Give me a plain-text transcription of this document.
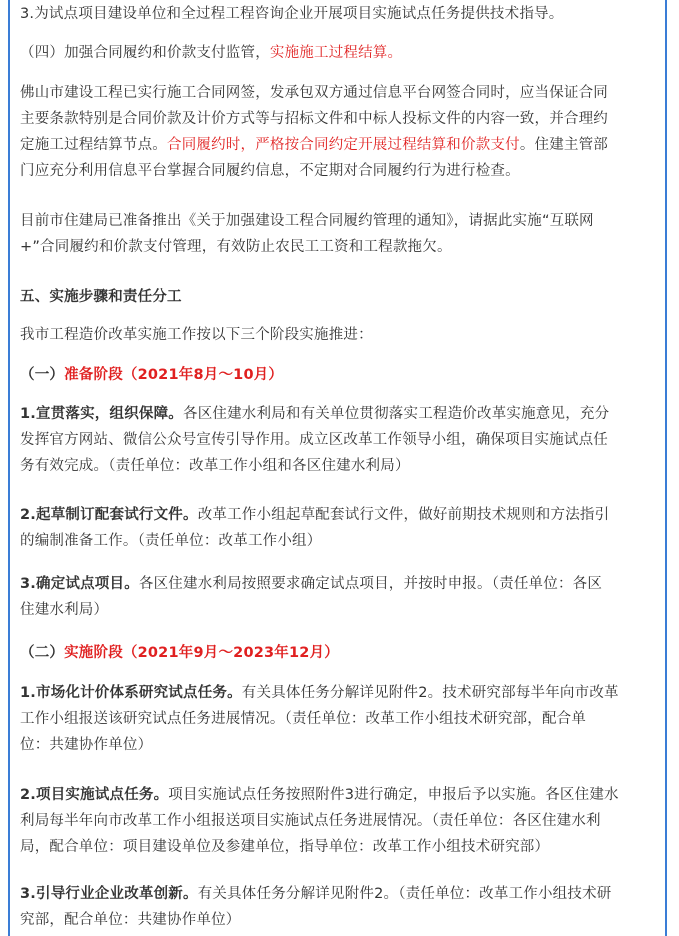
3.为试点项目建设单位和全过程工程咨询企业开展项目实施试点任务提供技术指导。

（四）加强合同履约和价款支付监管，实施施工过程结算。

佛山市建设工程已实行施工合同网签，发承包双方通过信息平台网签合同时，应当保证合同

主要条款特别是合同价款及计价方式等与招标文件和中标人投标文件的内容一致，并合理约

定施工过程结算节点。合同履约时，严格按合同约定开展过程结算和价款支付。住建主管部

门应充分利用信息平台掌握合同履约信息，不定期对合同履约行为进行检查。

目前市住建局已准备推出《关于加强建设工程合同履约管理的通知》，请据此实施“互联网

+”合同履约和价款支付管理，有效防止农民工工资和工程款拖欠。

五、实施步骤和责任分工

我市工程造价改革实施工作按以下三个阶段实施推进：

（一）准备阶段（2021年8月～10月）

1.宣贯落实，组织保障。各区住建水利局和有关单位贯彻落实工程造价改革实施意见，充分

发挥官方网站、微信公众号宣传引导作用。成立区改革工作领导小组，确保项目实施试点任

务有效完成。（责任单位：改革工作小组和各区住建水利局）

2.起草制订配套试行文件。改革工作小组起草配套试行文件，做好前期技术规则和方法指引

的编制准备工作。（责任单位：改革工作小组）

3.确定试点项目。各区住建水利局按照要求确定试点项目，并按时申报。（责任单位：各区

住建水利局）

（二）实施阶段（2021年9月～2023年12月）

1.市场化计价体系研究试点任务。有关具体任务分解详见附件2。技术研究部每半年向市改革

工作小组报送该研究试点任务进展情况。（责任单位：改革工作小组技术研究部，配合单

位：共建协作单位）

2.项目实施试点任务。项目实施试点任务按照附件3进行确定，申报后予以实施。各区住建水

利局每半年向市改革工作小组报送项目实施试点任务进展情况。（责任单位：各区住建水利

局，配合单位：项目建设单位及参建单位，指导单位：改革工作小组技术研究部）

3.引导行业企业改革创新。有关具体任务分解详见附件2。（责任单位：改革工作小组技术研

究部，配合单位：共建协作单位）
